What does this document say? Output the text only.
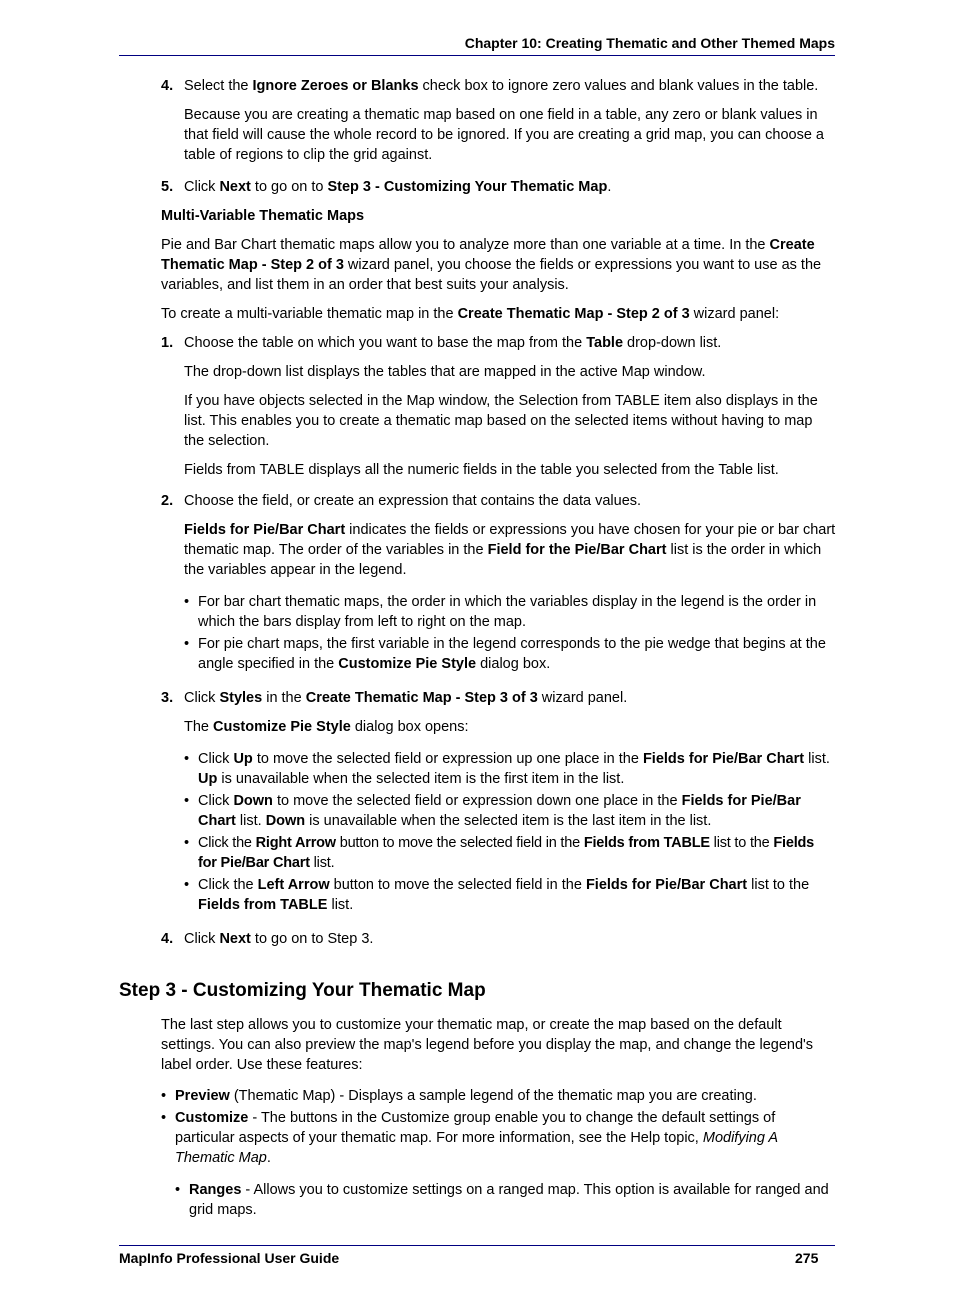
Chapter 10: Creating Thematic and Other Themed Maps
4. Select the Ignore Zeroes or Blanks check box to ignore zero values and blank values in the table.

Because you are creating a thematic map based on one field in a table, any zero or blank values in that field will cause the whole record to be ignored. If you are creating a grid map, you can choose a table of regions to clip the grid against.

5. Click Next to go on to Step 3 - Customizing Your Thematic Map.

Multi-Variable Thematic Maps

Pie and Bar Chart thematic maps allow you to analyze more than one variable at a time. In the Create Thematic Map - Step 2 of 3 wizard panel, you choose the fields or expressions you want to use as the variables, and list them in an order that best suits your analysis.

To create a multi-variable thematic map in the Create Thematic Map - Step 2 of 3 wizard panel:

1. Choose the table on which you want to base the map from the Table drop-down list.

The drop-down list displays the tables that are mapped in the active Map window.

If you have objects selected in the Map window, the Selection from TABLE item also displays in the list. This enables you to create a thematic map based on the selected items without having to map the selection.

Fields from TABLE displays all the numeric fields in the table you selected from the Table list.

2. Choose the field, or create an expression that contains the data values.

Fields for Pie/Bar Chart indicates the fields or expressions you have chosen for your pie or bar chart thematic map. The order of the variables in the Field for the Pie/Bar Chart list is the order in which the variables appear in the legend.

• For bar chart thematic maps, the order in which the variables display in the legend is the order in which the bars display from left to right on the map.
• For pie chart maps, the first variable in the legend corresponds to the pie wedge that begins at the angle specified in the Customize Pie Style dialog box.
3. Click Styles in the Create Thematic Map - Step 3 of 3 wizard panel.

The Customize Pie Style dialog box opens:

• Click Up to move the selected field or expression up one place in the Fields for Pie/Bar Chart list. Up is unavailable when the selected item is the first item in the list.
• Click Down to move the selected field or expression down one place in the Fields for Pie/Bar Chart list. Down is unavailable when the selected item is the last item in the list.
• Click the Right Arrow button to move the selected field in the Fields from TABLE list to the Fields for Pie/Bar Chart list.
• Click the Left Arrow button to move the selected field in the Fields for Pie/Bar Chart list to the Fields from TABLE list.
4. Click Next to go on to Step 3.

Step 3 - Customizing Your Thematic Map

The last step allows you to customize your thematic map, or create the map based on the default settings. You can also preview the map's legend before you display the map, and change the legend's label order. Use these features:

• Preview (Thematic Map) - Displays a sample legend of the thematic map you are creating.
• Customize - The buttons in the Customize group enable you to change the default settings of particular aspects of your thematic map. For more information, see the Help topic, Modifying A Thematic Map.
• Ranges - Allows you to customize settings on a ranged map. This option is available for ranged and grid maps.
MapInfo Professional User Guide	275
